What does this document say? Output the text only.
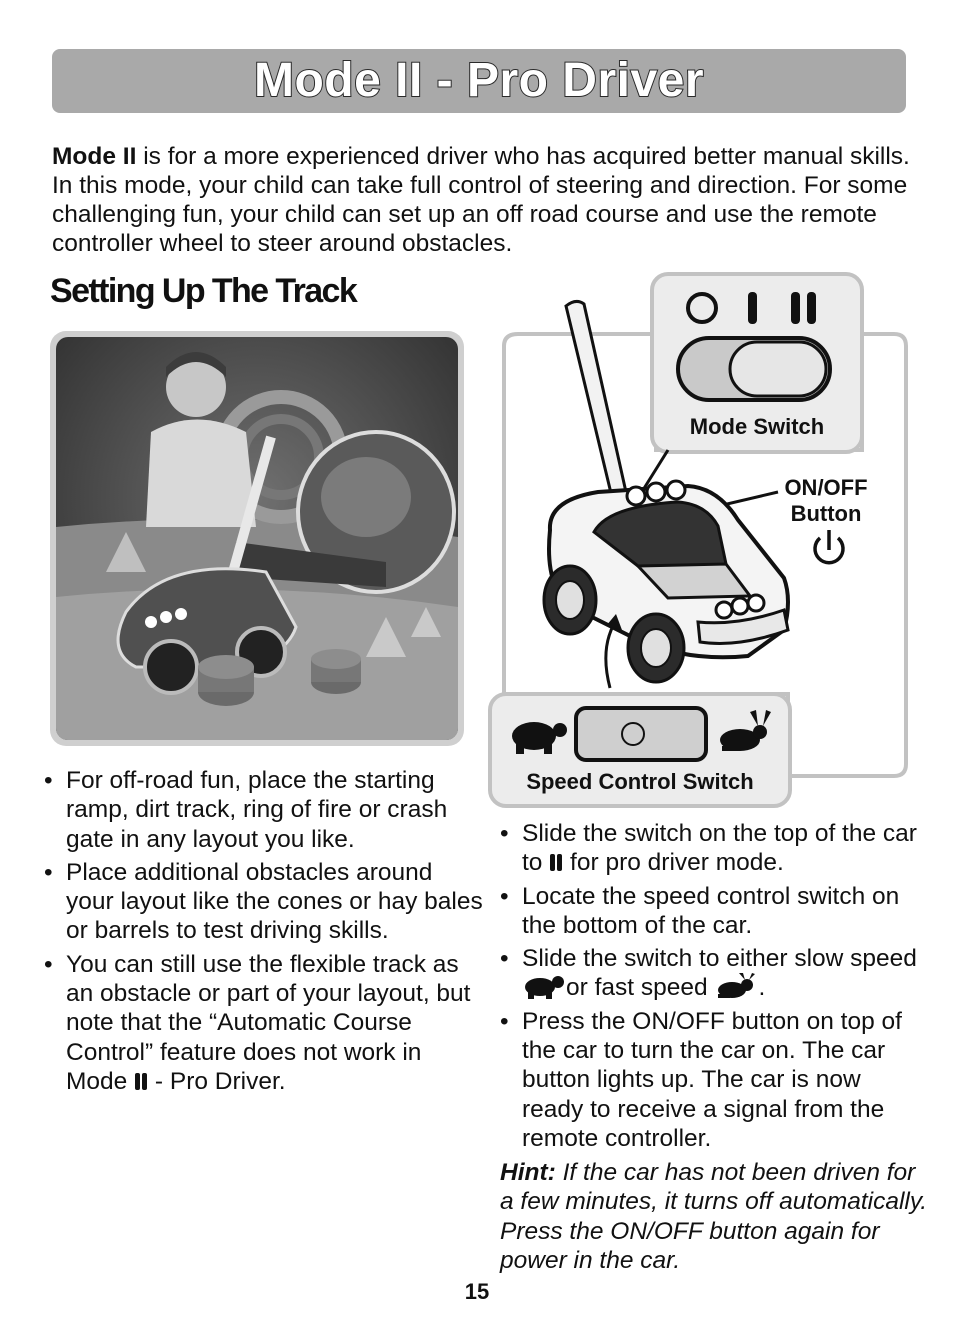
Mode II - Pro Driver

Mode II is for a more experienced driver who has acquired better manual skills. In this mode, your child can take full control of steering and direction. For some challenging fun, your child can set up an off road course and use the remote controller wheel to steer around obstacles.

Setting Up The Track
• For off-road fun, place the starting ramp, dirt track, ring of fire or crash gate in any layout you like.
• Place additional obstacles around your layout like the cones or hay bales or barrels to test driving skills.
• You can still use the flexible track as an obstacle or part of your layout, but note that the “Automatic Course Control” feature does not work in Mode  - Pro Driver.
Mode Switch
ON/OFF
Button
Speed Control Switch
• Slide the switch on the top of the car to  for pro driver mode.
• Locate the speed control switch on the bottom of the car.
• Slide the switch to either slow speed or fast speed .
• Press the ON/OFF button on top of the car to turn the car on. The car button lights up. The car is now ready to receive a signal from the remote controller.

Hint: If the car has not been driven for a few minutes, it turns off automatically. Press the ON/OFF button again for power in the car.

15
